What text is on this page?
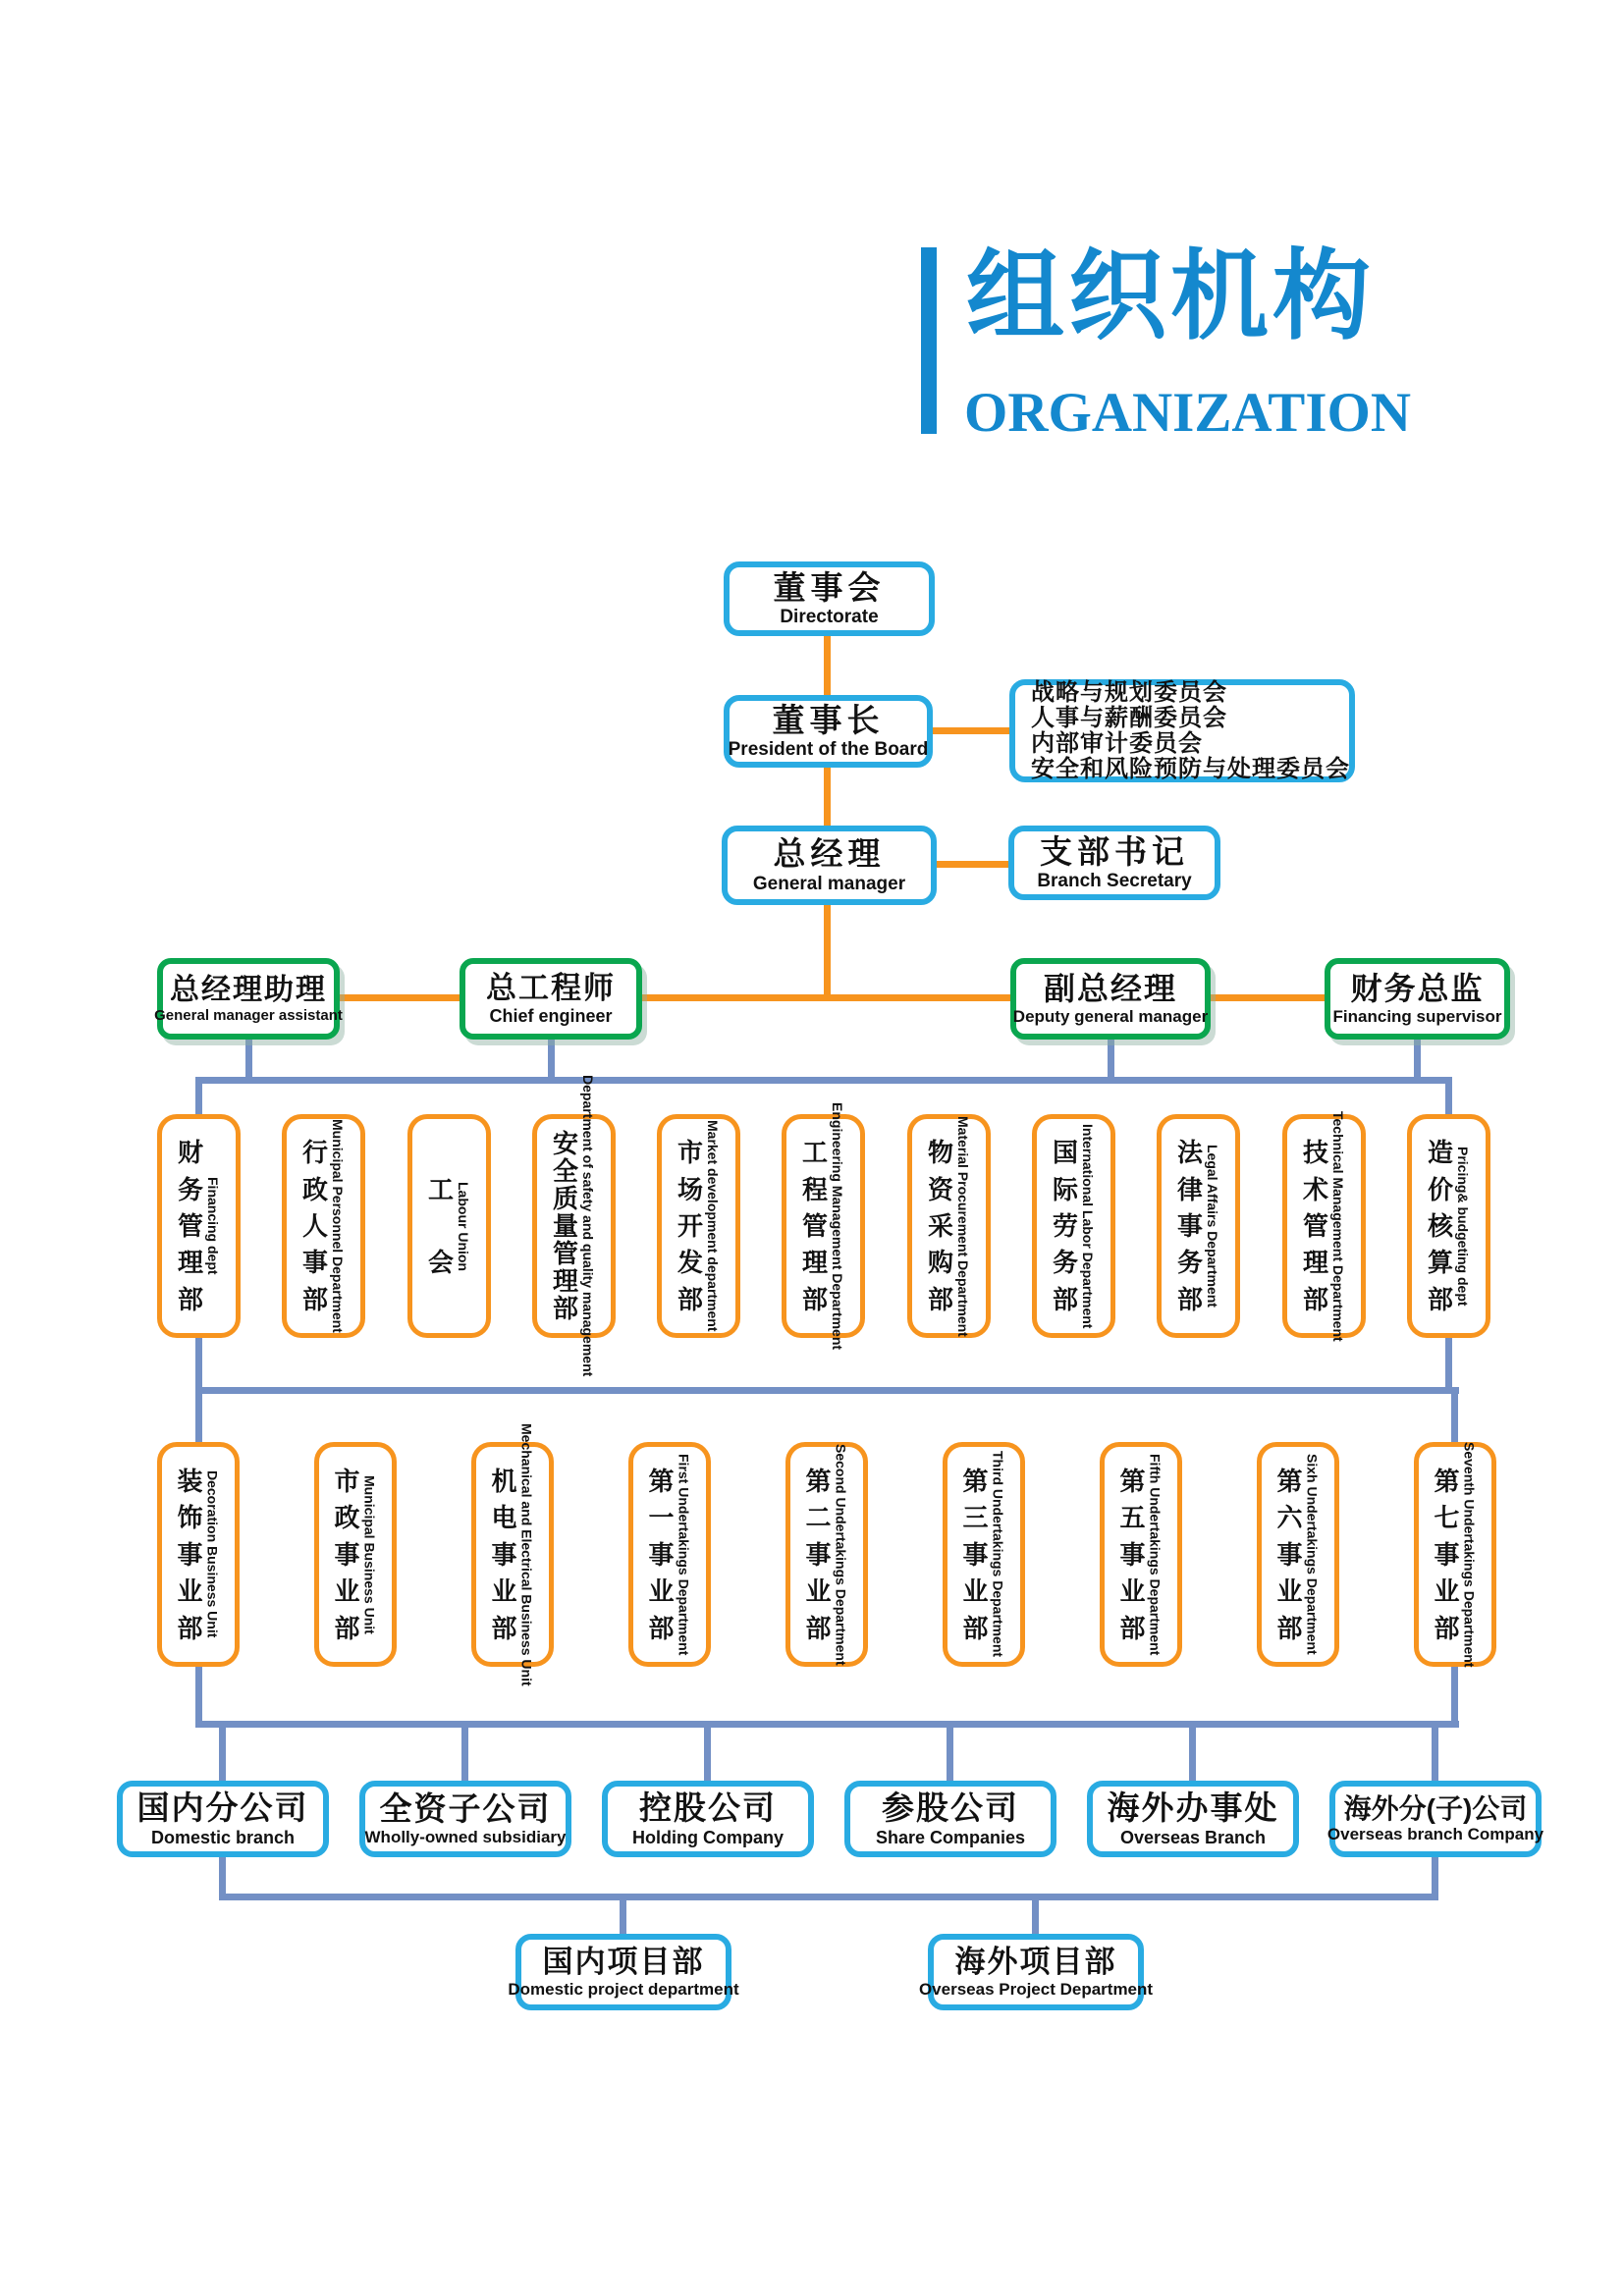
组织机构
ORGANIZATION
董事会
Directorate
董事长
President of the Board
战略与规划委员会
人事与薪酬委员会
内部审计委员会
安全和风险预防与处理委员会
总经理
General manager
支部书记
Branch Secretary
总经理助理
General manager assistant
总工程师
Chief engineer
副总经理
Deputy general manager
财务总监
Financing supervisor
财
务
管
理
部
Financing dept
行
政
人
事
部 Municipal Personnel Department	工
会 Labour Union
安
全
质
量
管
理
部 Department of safety and quality management	市
场
开
发
部 Market development department	工
程
管
理
部 Engineering Management Department	物
资
采
购
部 Material Procurement Department	国
际
劳
务
部 International Labor Department	法
律
事
务
部 Legal Affairs Department	技
术
管
理
部 Technical Management Department	造
价
核
算
部 Pricing& budgeting dept
装
饰
事
业
部 Decoration Business Unit	市
政
事
业
部 Municipal Business Unit	机
电
事
业
部 Mechanical and Electrical Business Unit	第
一
事
业
部 First Undertakings Department	第
二
事
业
部 Second Undertakings Department	第
三
事
业
部 Third Undertakings Department	第
五
事
业
部 Fifth Undertakings Department	第
六
事
业
部 Sixh Undertakings Department	第
七
事
业
部 Seventh Undertakings Department
国内分公司
Domestic branch
全资子公司
Wholly-owned subsidiary
控股公司
Holding Company
参股公司
Share Companies
海外办事处
Overseas Branch
海外分(子)公司
Overseas branch Company
国内项目部
Domestic project department
海外项目部
Overseas Project Department
